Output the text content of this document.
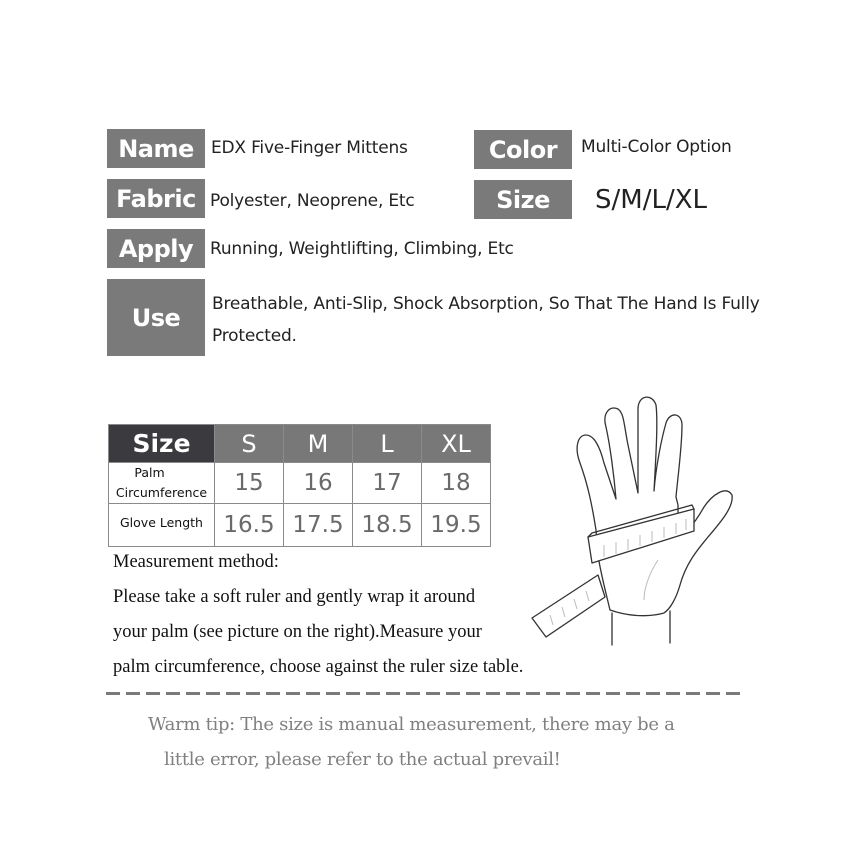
Name	EDX Five-Finger Mittens	Color	Multi-Color Option
Fabric Polyester, Neoprene, Etc	Size	S/M/L/XL
Apply Running, Weightlifting, Climbing, Etc
Use	Breathable, Anti-Slip, Shock Absorption, So That The Hand Is Fully Protected.
Size	S	M	L	XL

Palm
Circumference	15	16	17	18
Glove Length	16.5	17.5	18.5	19.5
Measurement method:
Please take a soft ruler and gently wrap it around
your palm (see picture on the right).Measure your
palm circumference, choose against the ruler size table.
Warm tip: The size is manual measurement, there may be a
little error, please refer to the actual prevail!
